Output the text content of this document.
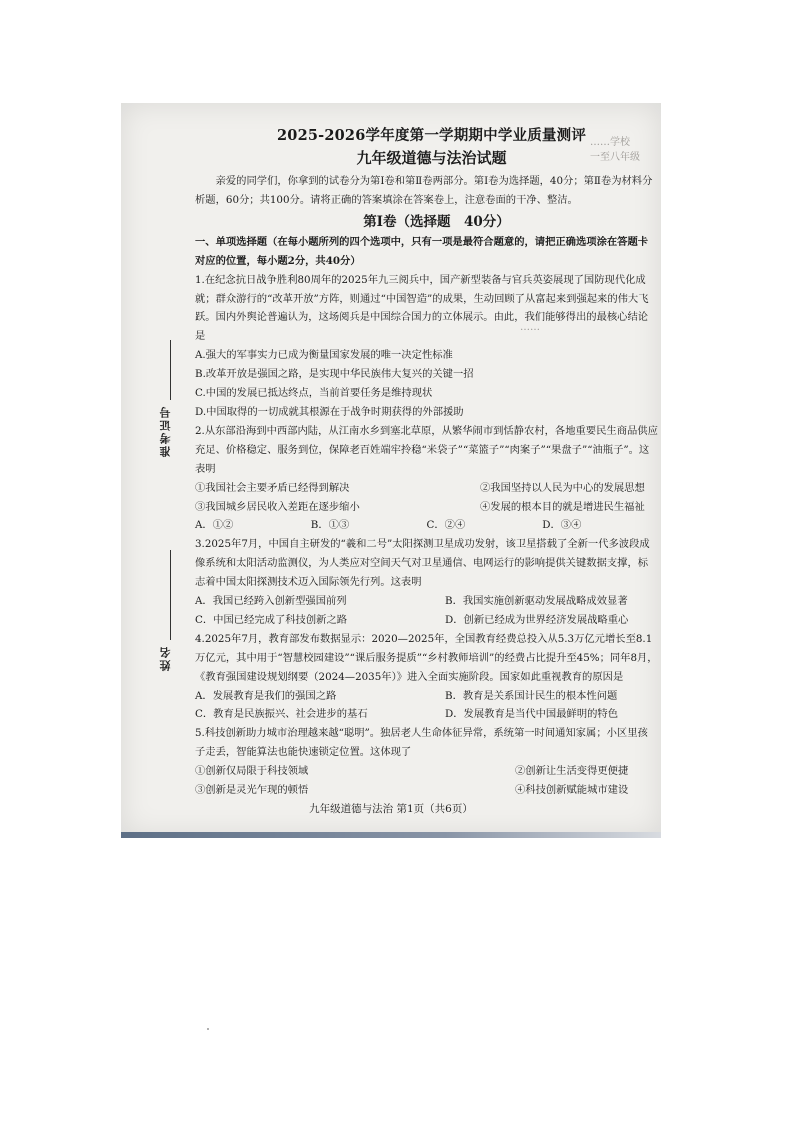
……学校
一至八年级
……
准考证号
姓名
2025-2026学年度第一学期期中学业质量测评
九年级道德与法治试题
亲爱的同学们，你拿到的试卷分为第Ⅰ卷和第Ⅱ卷两部分。第Ⅰ卷为选择题，40分；第Ⅱ卷为材料分析题，60分；共100分。请将正确的答案填涂在答案卷上，注意卷面的干净、整洁。
第Ⅰ卷（选择题　40分）
一、单项选择题（在每小题所列的四个选项中，只有一项是最符合题意的，请把正确选项涂在答题卡对应的位置，每小题2分，共40分）
1.在纪念抗日战争胜利80周年的2025年九三阅兵中，国产新型装备与官兵英姿展现了国防现代化成就；群众游行的“改革开放”方阵，则通过“中国智造”的成果，生动回顾了从富起来到强起来的伟大飞跃。国内外舆论普遍认为，这场阅兵是中国综合国力的立体展示。由此，我们能够得出的最核心结论是
A.强大的军事实力已成为衡量国家发展的唯一决定性标准
B.改革开放是强国之路，是实现中华民族伟大复兴的关键一招
C.中国的发展已抵达终点，当前首要任务是维持现状
D.中国取得的一切成就其根源在于战争时期获得的外部援助
2.从东部沿海到中西部内陆，从江南水乡到塞北草原，从繁华闹市到恬静农村，各地重要民生商品供应充足、价格稳定、服务到位，保障老百姓端牢拎稳“米袋子”“菜篮子”“肉案子”“果盘子”“油瓶子”。这表明
①我国社会主要矛盾已经得到解决	②我国坚持以人民为中心的发展思想
③我国城乡居民收入差距在逐步缩小	④发展的根本目的就是增进民生福祉
A．①②	B．①③	C．②④	D．③④
3.2025年7月，中国自主研发的“羲和二号”太阳探测卫星成功发射，该卫星搭载了全新一代多波段成像系统和太阳活动监测仪，为人类应对空间天气对卫星通信、电网运行的影响提供关键数据支撑，标志着中国太阳探测技术迈入国际领先行列。这表明
A．我国已经跨入创新型强国前列	B．我国实施创新驱动发展战略成效显著
C．中国已经完成了科技创新之路	D．创新已经成为世界经济发展战略重心
4.2025年7月，教育部发布数据显示：2020—2025年，全国教育经费总投入从5.3万亿元增长至8.1万亿元，其中用于“智慧校园建设”“课后服务提质”“乡村教师培训”的经费占比提升至45%；同年8月，《教育强国建设规划纲要（2024—2035年）》进入全面实施阶段。国家如此重视教育的原因是
A．发展教育是我们的强国之路	B．教育是关系国计民生的根本性问题
C．教育是民族振兴、社会进步的基石	D．发展教育是当代中国最鲜明的特色
5.科技创新助力城市治理越来越“聪明”。独居老人生命体征异常，系统第一时间通知家属；小区里孩子走丢，智能算法也能快速锁定位置。这体现了
①创新仅局限于科技领域	②创新让生活变得更便捷
③创新是灵光乍现的顿悟	④科技创新赋能城市建设
九年级道德与法治 第1页（共6页）
